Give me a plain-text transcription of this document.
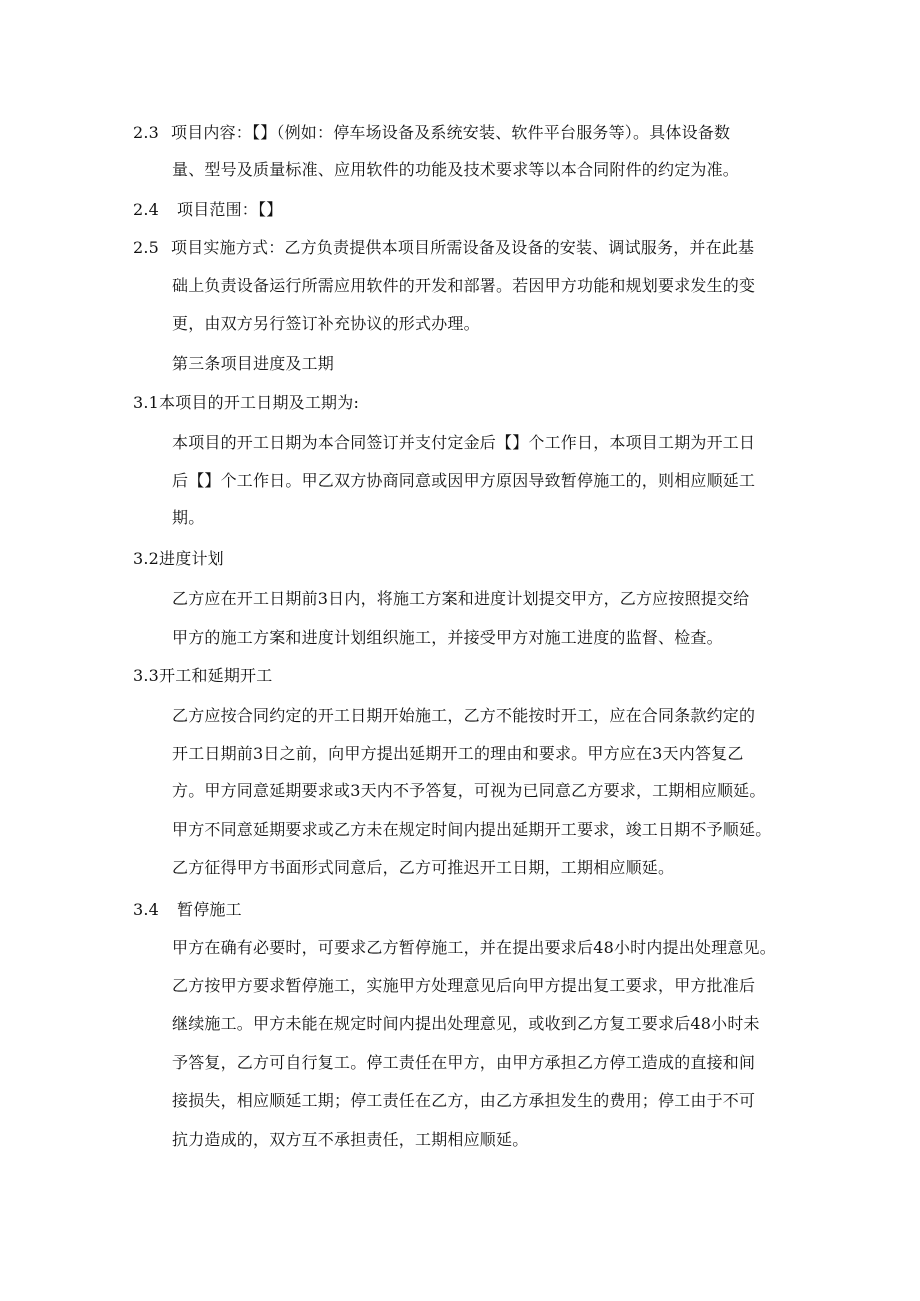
2.3 项目内容：【】（例如：停车场设备及系统安装、软件平台服务等）。具体设备数
量、型号及质量标准、应用软件的功能及技术要求等以本合同附件的约定为准。
2.4 项目范围：【】
2.5 项目实施方式：乙方负责提供本项目所需设备及设备的安装、调试服务，并在此基
础上负责设备运行所需应用软件的开发和部署。若因甲方功能和规划要求发生的变
更，由双方另行签订补充协议的形式办理。
第三条项目进度及工期
3.1本项目的开工日期及工期为:
本项目的开工日期为本合同签订并支付定金后【】个工作日，本项目工期为开工日
后【】个工作日。甲乙双方协商同意或因甲方原因导致暂停施工的，则相应顺延工
期。
3.2进度计划
乙方应在开工日期前3日内，将施工方案和进度计划提交甲方，乙方应按照提交给
甲方的施工方案和进度计划组织施工，并接受甲方对施工进度的监督、检查。
3.3开工和延期开工
乙方应按合同约定的开工日期开始施工，乙方不能按时开工，应在合同条款约定的
开工日期前3日之前，向甲方提出延期开工的理由和要求。甲方应在3天内答复乙
方。甲方同意延期要求或3天内不予答复，可视为已同意乙方要求，工期相应顺延。
甲方不同意延期要求或乙方未在规定时间内提出延期开工要求，竣工日期不予顺延。
乙方征得甲方书面形式同意后，乙方可推迟开工日期，工期相应顺延。
3.4 暂停施工
甲方在确有必要时，可要求乙方暂停施工，并在提出要求后48小时内提出处理意见。
乙方按甲方要求暂停施工，实施甲方处理意见后向甲方提出复工要求，甲方批准后
继续施工。甲方未能在规定时间内提出处理意见，或收到乙方复工要求后48小时未
予答复，乙方可自行复工。停工责任在甲方，由甲方承担乙方停工造成的直接和间
接损失，相应顺延工期；停工责任在乙方，由乙方承担发生的费用；停工由于不可
抗力造成的，双方互不承担责任，工期相应顺延。
